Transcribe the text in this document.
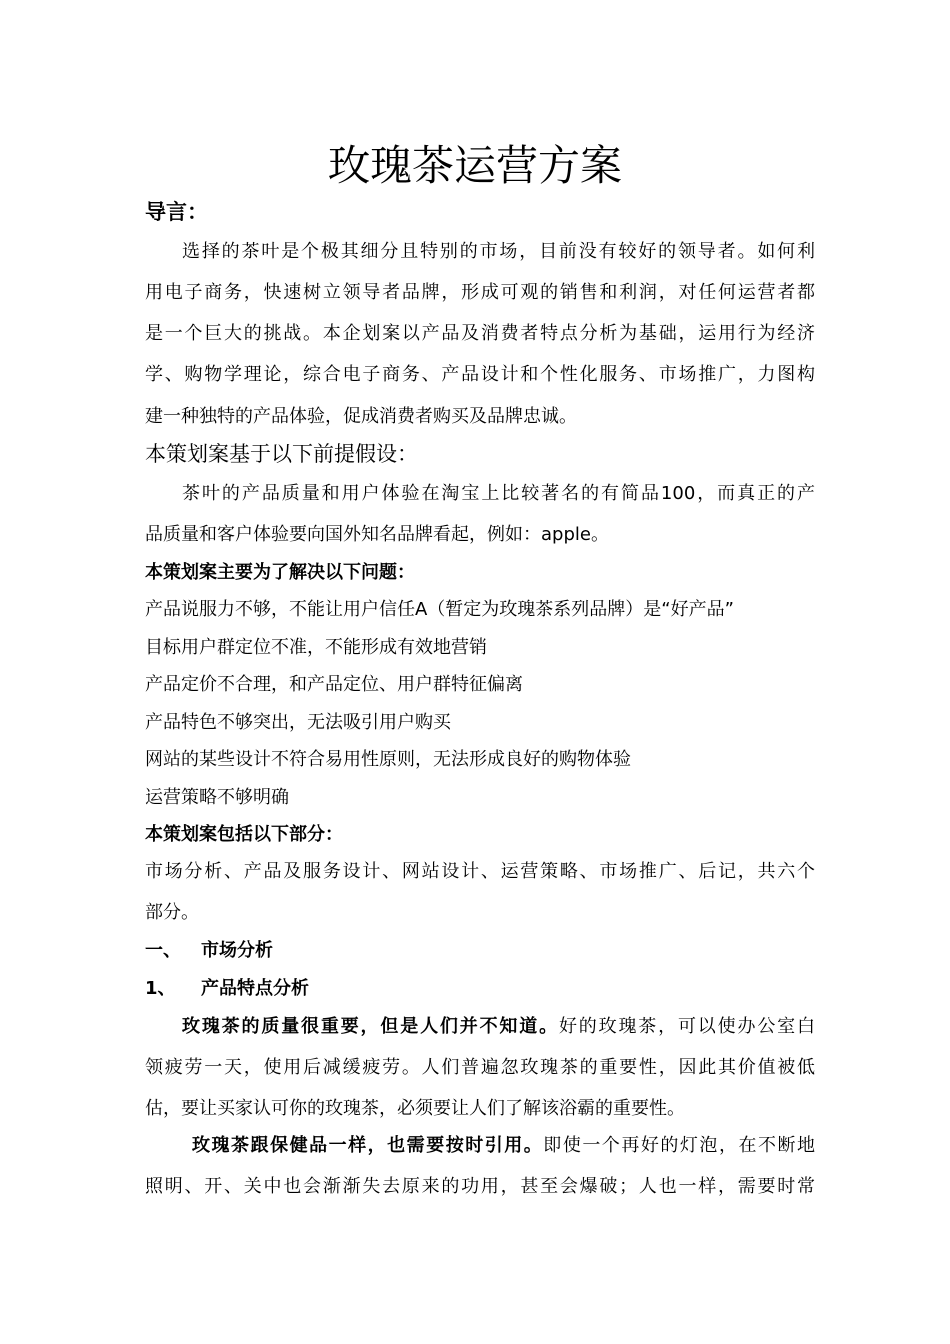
玫瑰茶运营方案
导言：
选择的茶叶是个极其细分且特别的市场，目前没有较好的领导者。如何利
用电子商务，快速树立领导者品牌，形成可观的销售和利润，对任何运营者都
是一个巨大的挑战。本企划案以产品及消费者特点分析为基础，运用行为经济
学、购物学理论，综合电子商务、产品设计和个性化服务、市场推广，力图构
建一种独特的产品体验，促成消费者购买及品牌忠诚。
本策划案基于以下前提假设：
茶叶的产品质量和用户体验在淘宝上比较著名的有简品100，而真正的产
品质量和客户体验要向国外知名品牌看起，例如：apple。
本策划案主要为了解决以下问题：
产品说服力不够，不能让用户信任A（暂定为玫瑰茶系列品牌）是“好产品”
目标用户群定位不准，不能形成有效地营销
产品定价不合理，和产品定位、用户群特征偏离
产品特色不够突出，无法吸引用户购买
网站的某些设计不符合易用性原则，无法形成良好的购物体验
运营策略不够明确
本策划案包括以下部分：
市场分析、产品及服务设计、网站设计、运营策略、市场推广、后记，共六个
部分。
一、 市场分析
1、 产品特点分析
玫瑰茶的质量很重要，但是人们并不知道。好的玫瑰茶，可以使办公室白
领疲劳一天，使用后减缓疲劳。人们普遍忽玫瑰茶的重要性，因此其价值被低
估，要让买家认可你的玫瑰茶，必须要让人们了解该浴霸的重要性。
玫瑰茶跟保健品一样，也需要按时引用。即使一个再好的灯泡，在不断地
照明、开、关中也会渐渐失去原来的功用，甚至会爆破；人也一样，需要时常
